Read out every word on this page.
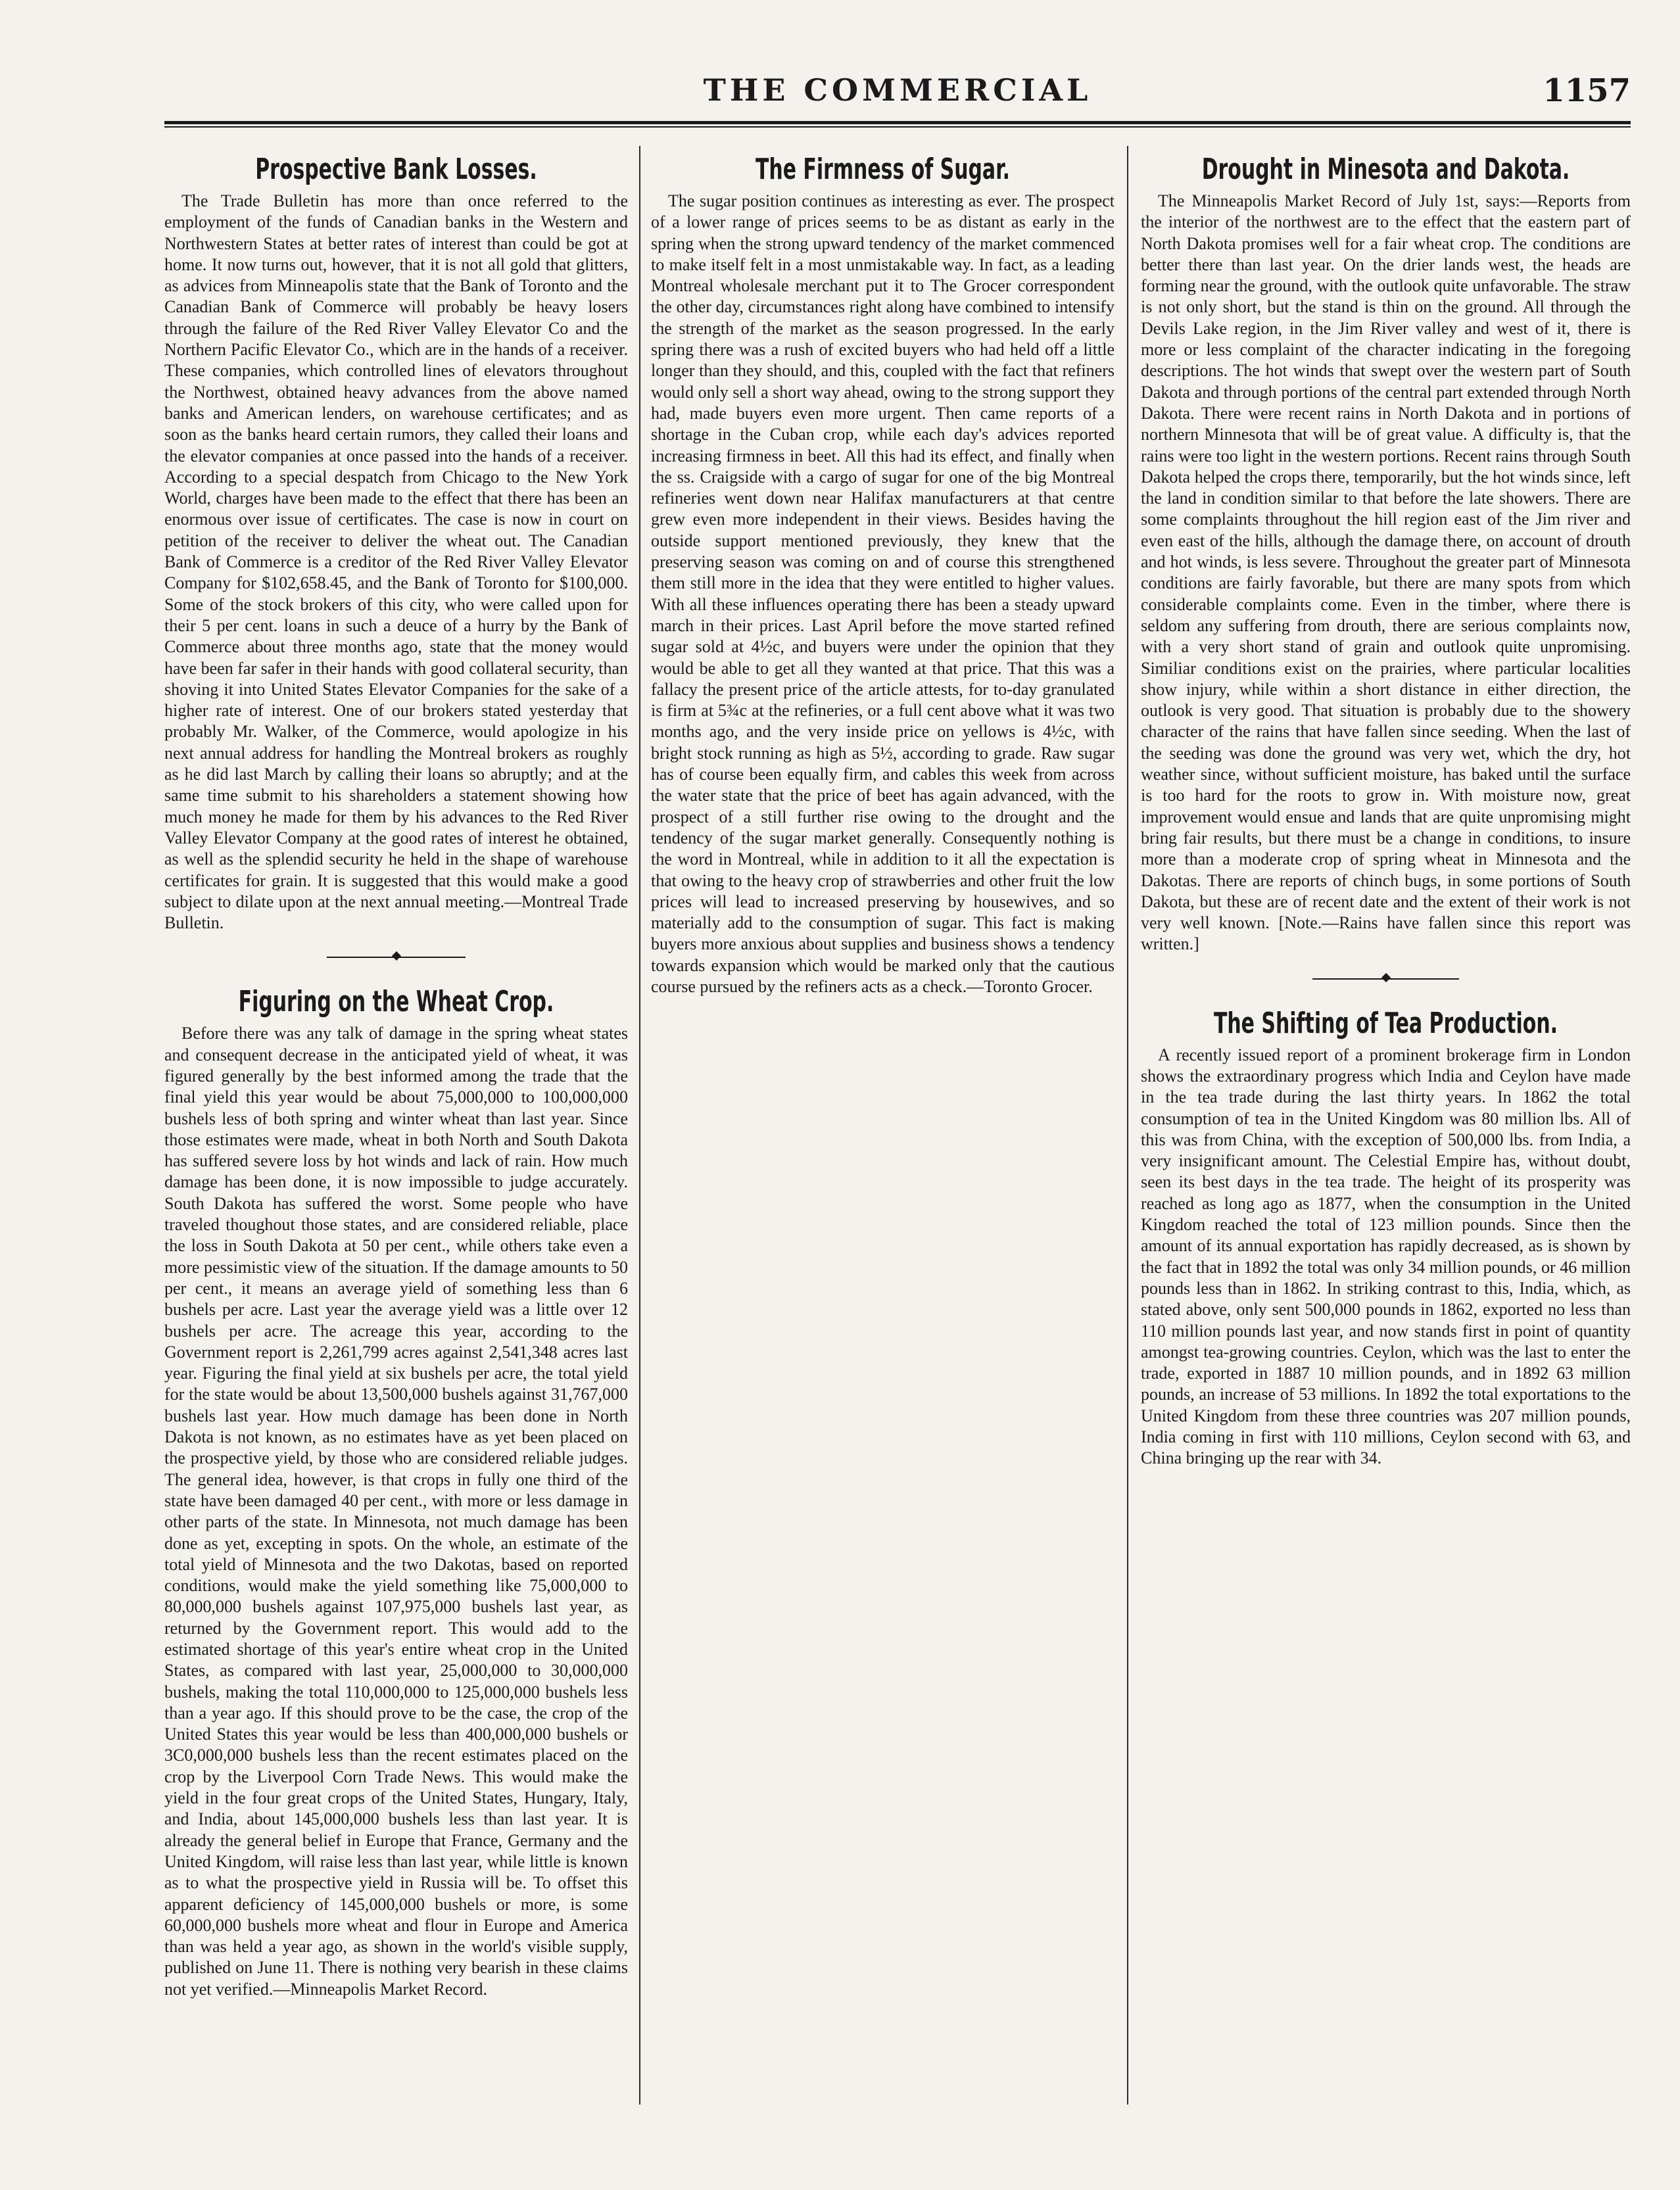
THE COMMERCIAL	1157
Prospective Bank Losses.

The Trade Bulletin has more than once referred to the employment of the funds of Canadian banks in the Western and Northwestern States at better rates of interest than could be got at home. It now turns out, however, that it is not all gold that glitters, as advices from Minneapolis state that the Bank of Toronto and the Canadian Bank of Commerce will probably be heavy losers through the failure of the Red River Valley Elevator Co and the Northern Pacific Elevator Co., which are in the hands of a receiver. These companies, which controlled lines of elevators throughout the Northwest, obtained heavy advances from the above named banks and American lenders, on warehouse certificates; and as soon as the banks heard certain rumors, they called their loans and the elevator companies at once passed into the hands of a receiver. According to a special despatch from Chicago to the New York World, charges have been made to the effect that there has been an enormous over issue of certificates. The case is now in court on petition of the receiver to deliver the wheat out. The Canadian Bank of Commerce is a creditor of the Red River Valley Elevator Company for $102,658.45, and the Bank of Toronto for $100,000. Some of the stock brokers of this city, who were called upon for their 5 per cent. loans in such a deuce of a hurry by the Bank of Commerce about three months ago, state that the money would have been far safer in their hands with good collateral security, than shoving it into United States Elevator Companies for the sake of a higher rate of interest. One of our brokers stated yesterday that probably Mr. Walker, of the Commerce, would apologize in his next annual address for handling the Montreal brokers as roughly as he did last March by calling their loans so abruptly; and at the same time submit to his shareholders a statement showing how much money he made for them by his advances to the Red River Valley Elevator Company at the good rates of interest he obtained, as well as the splendid security he held in the shape of warehouse certificates for grain. It is suggested that this would make a good subject to dilate upon at the next annual meeting.—Montreal Trade Bulletin.

Figuring on the Wheat Crop.

Before there was any talk of damage in the spring wheat states and consequent decrease in the anticipated yield of wheat, it was figured generally by the best informed among the trade that the final yield this year would be about 75,000,000 to 100,000,000 bushels less of both spring and winter wheat than last year. Since those estimates were made, wheat in both North and South Dakota has suffered severe loss by hot winds and lack of rain. How much damage has been done, it is now impossible to judge accurately. South Dakota has suffered the worst. Some people who have traveled thoughout those states, and are considered reliable, place the loss in South Dakota at 50 per cent., while others take even a more pessimistic view of the situation. If the damage amounts to 50 per cent., it means an average yield of something less than 6 bushels per acre. Last year the average yield was a little over 12 bushels per acre. The acreage this year, according to the Government report is 2,261,799 acres against 2,541,348 acres last year. Figuring the final yield at six bushels per acre, the total yield for the state would be about 13,500,000 bushels against 31,767,000 bushels last year. How much damage has been done in North Dakota is not known, as no estimates have as yet been placed on the prospective yield, by those who are considered reliable judges. The general idea, however, is that crops in fully one third of the state have been damaged 40 per cent., with more or less damage in other parts of the state. In Minnesota, not much damage has been done as yet, excepting in spots. On the whole, an estimate of the total yield of Minnesota and the two Dakotas, based on reported conditions, would make the yield something like 75,000,000 to 80,000,000 bushels against 107,975,000 bushels last year, as returned by the Government report. This would add to the estimated shortage of this year's entire wheat crop in the United States, as compared with last year, 25,000,000 to 30,000,000 bushels, making the total 110,000,000 to 125,000,000 bushels less than a year ago. If this should prove to be the case, the crop of the United States this year would be less than 400,000,000 bushels or 3C0,000,000 bushels less than the recent estimates placed on the crop by the Liverpool Corn Trade News. This would make the yield in the four great crops of the United States, Hungary, Italy, and India, about 145,000,000 bushels less than last year. It is already the general belief in Europe that France, Germany and the United Kingdom, will raise less than last year, while little is known as to what the prospective yield in Russia will be. To offset this apparent deficiency of 145,000,000 bushels or more, is some 60,000,000 bushels more wheat and flour in Europe and America than was held a year ago, as shown in the world's visible supply, published on June 11. There is nothing very bearish in these claims not yet verified.—Minneapolis Market Record.

The Firmness of Sugar.

The sugar position continues as interesting as ever. The prospect of a lower range of prices seems to be as distant as early in the spring when the strong upward tendency of the market commenced to make itself felt in a most unmistakable way. In fact, as a leading Montreal wholesale merchant put it to The Grocer correspondent the other day, circumstances right along have combined to intensify the strength of the market as the season progressed. In the early spring there was a rush of excited buyers who had held off a little longer than they should, and this, coupled with the fact that refiners would only sell a short way ahead, owing to the strong support they had, made buyers even more urgent. Then came reports of a shortage in the Cuban crop, while each day's advices reported increasing firmness in beet. All this had its effect, and finally when the ss. Craigside with a cargo of sugar for one of the big Montreal refineries went down near Halifax manufacturers at that centre grew even more independent in their views. Besides having the outside support mentioned previously, they knew that the preserving season was coming on and of course this strengthened them still more in the idea that they were entitled to higher values. With all these influences operating there has been a steady upward march in their prices. Last April before the move started refined sugar sold at 4½c, and buyers were under the opinion that they would be able to get all they wanted at that price. That this was a fallacy the present price of the article attests, for to-day granulated is firm at 5¾c at the refineries, or a full cent above what it was two months ago, and the very inside price on yellows is 4½c, with bright stock running as high as 5½, according to grade. Raw sugar has of course been equally firm, and cables this week from across the water state that the price of beet has again advanced, with the prospect of a still further rise owing to the drought and the tendency of the sugar market generally. Consequently nothing is the word in Montreal, while in addition to it all the expectation is that owing to the heavy crop of strawberries and other fruit the low prices will lead to increased preserving by housewives, and so materially add to the consumption of sugar. This fact is making buyers more anxious about supplies and business shows a tendency towards expansion which would be marked only that the cautious course pursued by the refiners acts as a check.—Toronto Grocer.

Drought in Minesota and Dakota.

The Minneapolis Market Record of July 1st, says:—Reports from the interior of the northwest are to the effect that the eastern part of North Dakota promises well for a fair wheat crop. The conditions are better there than last year. On the drier lands west, the heads are forming near the ground, with the outlook quite unfavorable. The straw is not only short, but the stand is thin on the ground. All through the Devils Lake region, in the Jim River valley and west of it, there is more or less complaint of the character indicating in the foregoing descriptions. The hot winds that swept over the western part of South Dakota and through portions of the central part extended through North Dakota. There were recent rains in North Dakota and in portions of northern Minnesota that will be of great value. A difficulty is, that the rains were too light in the western portions. Recent rains through South Dakota helped the crops there, temporarily, but the hot winds since, left the land in condition similar to that before the late showers. There are some complaints throughout the hill region east of the Jim river and even east of the hills, although the damage there, on account of drouth and hot winds, is less severe. Throughout the greater part of Minnesota conditions are fairly favorable, but there are many spots from which considerable complaints come. Even in the timber, where there is seldom any suffering from drouth, there are serious complaints now, with a very short stand of grain and outlook quite unpromising. Similiar conditions exist on the prairies, where particular localities show injury, while within a short distance in either direction, the outlook is very good. That situation is probably due to the showery character of the rains that have fallen since seeding. When the last of the seeding was done the ground was very wet, which the dry, hot weather since, without sufficient moisture, has baked until the surface is too hard for the roots to grow in. With moisture now, great improvement would ensue and lands that are quite unpromising might bring fair results, but there must be a change in conditions, to insure more than a moderate crop of spring wheat in Minnesota and the Dakotas. There are reports of chinch bugs, in some portions of South Dakota, but these are of recent date and the extent of their work is not very well known. [Note.—Rains have fallen since this report was written.]

The Shifting of Tea Production.

A recently issued report of a prominent brokerage firm in London shows the extraordinary progress which India and Ceylon have made in the tea trade during the last thirty years. In 1862 the total consumption of tea in the United Kingdom was 80 million lbs. All of this was from China, with the exception of 500,000 lbs. from India, a very insignificant amount. The Celestial Empire has, without doubt, seen its best days in the tea trade. The height of its prosperity was reached as long ago as 1877, when the consumption in the United Kingdom reached the total of 123 million pounds. Since then the amount of its annual exportation has rapidly decreased, as is shown by the fact that in 1892 the total was only 34 million pounds, or 46 million pounds less than in 1862. In striking contrast to this, India, which, as stated above, only sent 500,000 pounds in 1862, exported no less than 110 million pounds last year, and now stands first in point of quantity amongst tea-growing countries. Ceylon, which was the last to enter the trade, exported in 1887 10 million pounds, and in 1892 63 million pounds, an increase of 53 millions. In 1892 the total exportations to the United Kingdom from these three countries was 207 million pounds, India coming in first with 110 millions, Ceylon second with 63, and China bringing up the rear with 34.
